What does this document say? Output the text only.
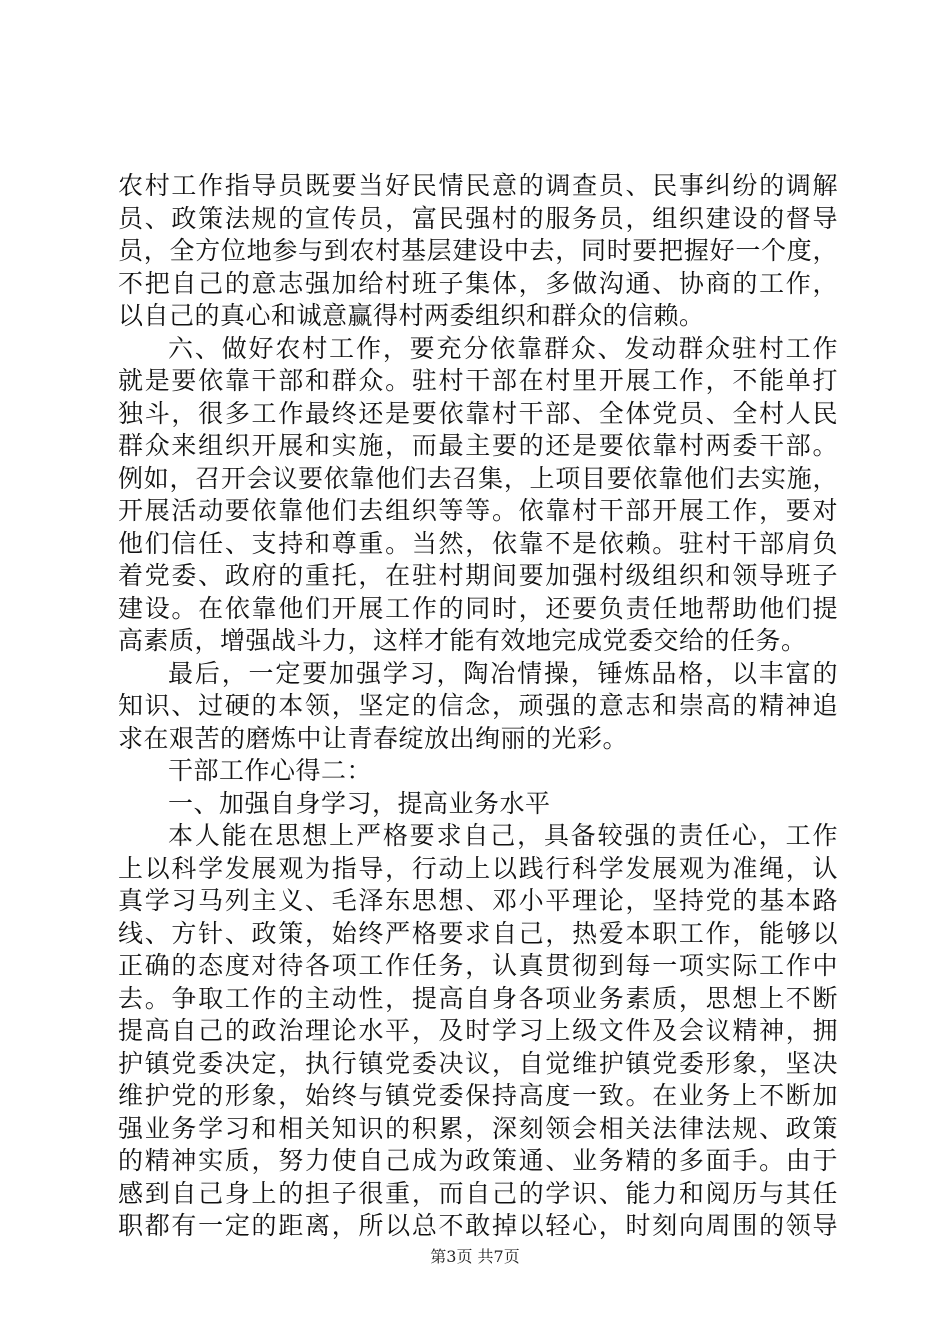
农村工作指导员既要当好民情民意的调查员、民事纠纷的调解
员、政策法规的宣传员，富民强村的服务员，组织建设的督导
员，全方位地参与到农村基层建设中去，同时要把握好一个度，
不把自己的意志强加给村班子集体，多做沟通、协商的工作，
以自己的真心和诚意赢得村两委组织和群众的信赖。
六、做好农村工作，要充分依靠群众、发动群众驻村工作
就是要依靠干部和群众。驻村干部在村里开展工作，不能单打
独斗，很多工作最终还是要依靠村干部、全体党员、全村人民
群众来组织开展和实施，而最主要的还是要依靠村两委干部。
例如，召开会议要依靠他们去召集，上项目要依靠他们去实施，
开展活动要依靠他们去组织等等。依靠村干部开展工作，要对
他们信任、支持和尊重。当然，依靠不是依赖。驻村干部肩负
着党委、政府的重托，在驻村期间要加强村级组织和领导班子
建设。在依靠他们开展工作的同时，还要负责任地帮助他们提
高素质，增强战斗力，这样才能有效地完成党委交给的任务。
最后，一定要加强学习，陶冶情操，锤炼品格，以丰富的
知识、过硬的本领，坚定的信念，顽强的意志和崇高的精神追
求在艰苦的磨炼中让青春绽放出绚丽的光彩。
干部工作心得二：
一、加强自身学习，提高业务水平
本人能在思想上严格要求自己，具备较强的责任心，工作
上以科学发展观为指导，行动上以践行科学发展观为准绳，认
真学习马列主义、毛泽东思想、邓小平理论，坚持党的基本路
线、方针、政策，始终严格要求自己，热爱本职工作，能够以
正确的态度对待各项工作任务，认真贯彻到每一项实际工作中
去。争取工作的主动性，提高自身各项业务素质，思想上不断
提高自己的政治理论水平，及时学习上级文件及会议精神，拥
护镇党委决定，执行镇党委决议，自觉维护镇党委形象，坚决
维护党的形象，始终与镇党委保持高度一致。在业务上不断加
强业务学习和相关知识的积累，深刻领会相关法律法规、政策
的精神实质，努力使自己成为政策通、业务精的多面手。由于
感到自己身上的担子很重，而自己的学识、能力和阅历与其任
职都有一定的距离，所以总不敢掉以轻心，时刻向周围的领导
第3页 共7页
